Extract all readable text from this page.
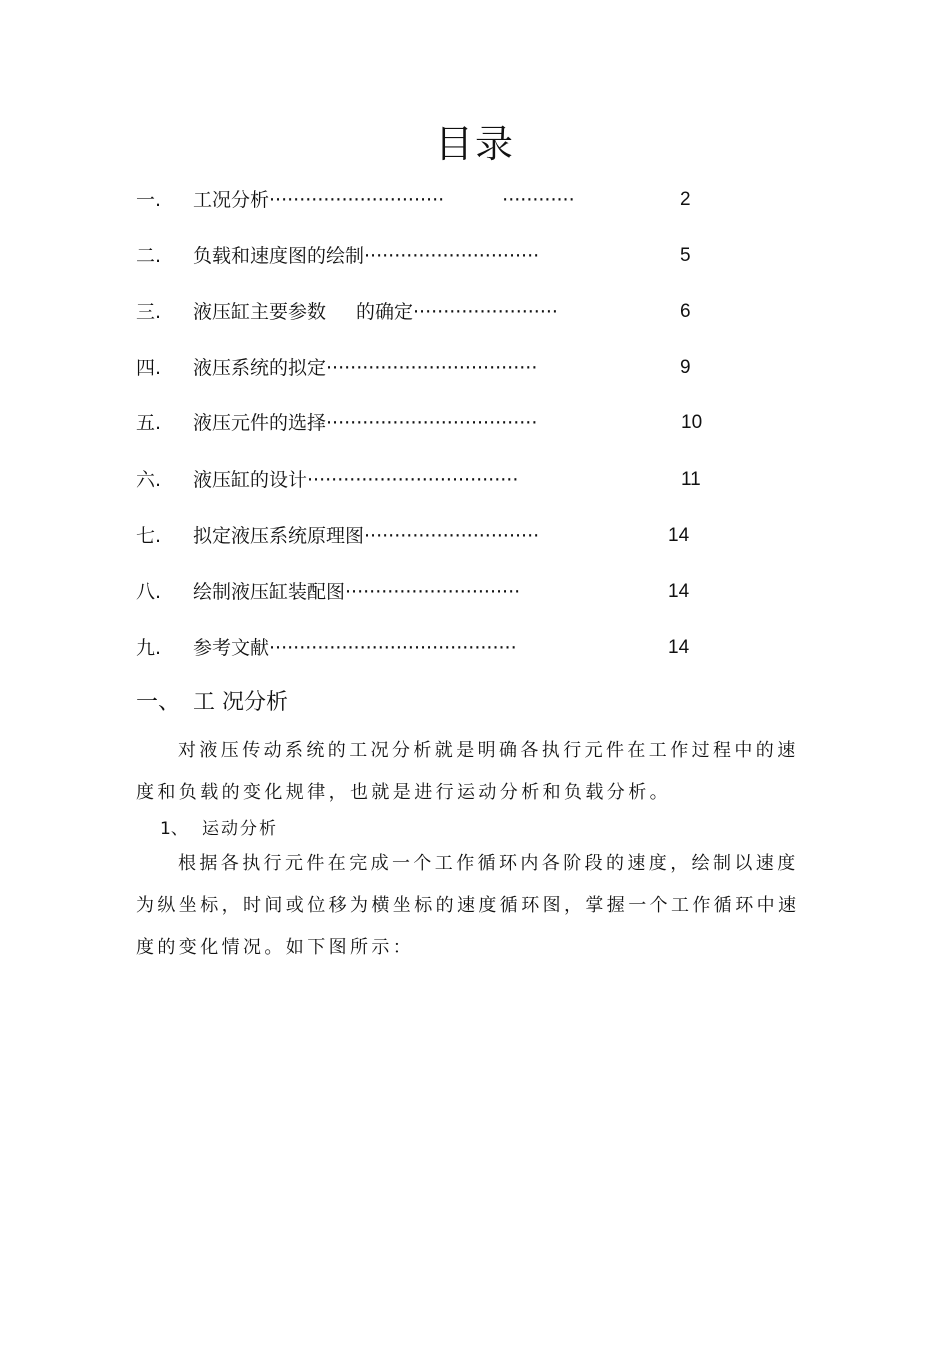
目录
一. 工况分析·····························	············	2
二. 负载和速度图的绘制·····························	5
三. 液压缸主要参数 的确定························	6
四. 液压系统的拟定···································	9
五. 液压元件的选择···································	10
六. 液压缸的设计···································	11
七. 拟定液压系统原理图·····························	14
八. 绘制液压缸装配图·····························	14
九. 参考文献·········································	14
一、 工 况分析
对液压传动系统的工况分析就是明确各执行元件在工作过程中的速
度和负载的变化规律，也就是进行运动分析和负载分析。
1、 运动分析
根据各执行元件在完成一个工作循环内各阶段的速度，绘制以速度
为纵坐标，时间或位移为横坐标的速度循环图，掌握一个工作循环中速
度的变化情况。如下图所示：
